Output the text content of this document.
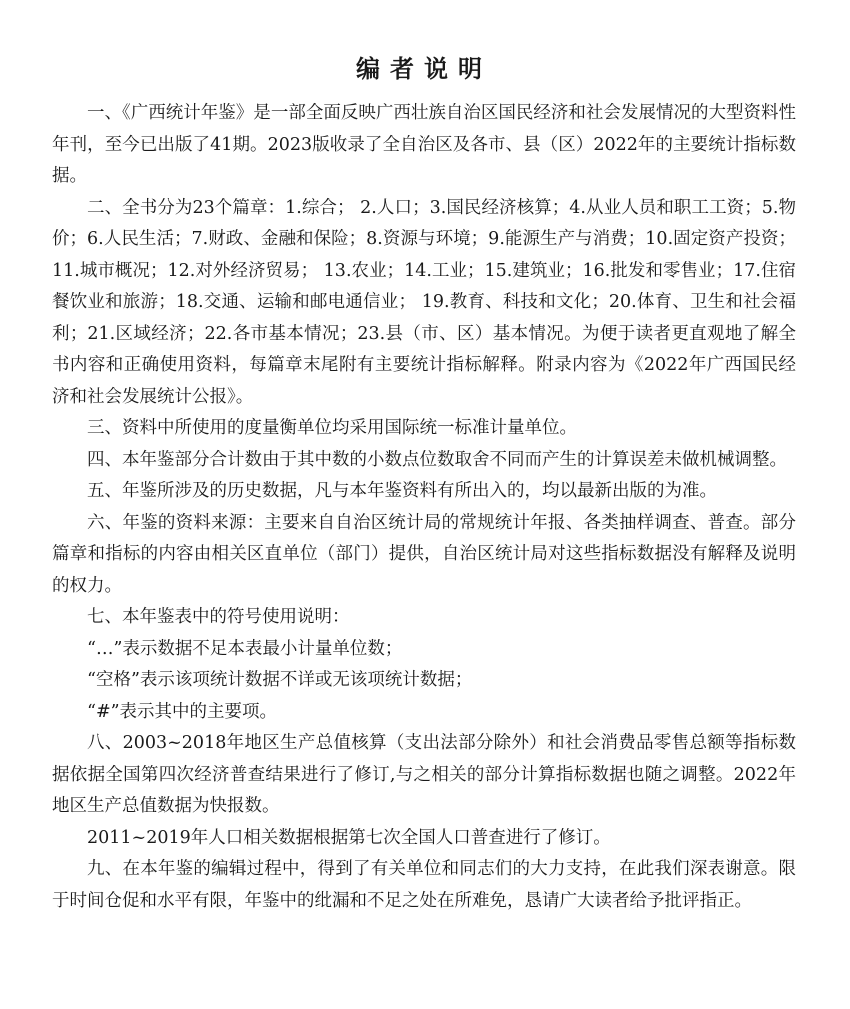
编者说明

一、《广西统计年鉴》是一部全面反映广西壮族自治区国民经济和社会发展情况的大型资料性年刊，至今已出版了41期。2023版收录了全自治区及各市、县（区）2022年的主要统计指标数据。

二、全书分为23个篇章：1.综合； 2.人口；3.国民经济核算；4.从业人员和职工工资；5.物价；6.人民生活；7.财政、金融和保险；8.资源与环境；9.能源生产与消费；10.固定资产投资；11.城市概况；12.对外经济贸易； 13.农业；14.工业；15.建筑业；16.批发和零售业；17.住宿餐饮业和旅游；18.交通、运输和邮电通信业； 19.教育、科技和文化；20.体育、卫生和社会福利；21.区域经济；22.各市基本情况；23.县（市、区）基本情况。为便于读者更直观地了解全书内容和正确使用资料，每篇章末尾附有主要统计指标解释。附录内容为《2022年广西国民经济和社会发展统计公报》。

三、资料中所使用的度量衡单位均采用国际统一标准计量单位。

四、本年鉴部分合计数由于其中数的小数点位数取舍不同而产生的计算误差未做机械调整。

五、年鉴所涉及的历史数据，凡与本年鉴资料有所出入的，均以最新出版的为准。

六、年鉴的资料来源：主要来自自治区统计局的常规统计年报、各类抽样调查、普查。部分篇章和指标的内容由相关区直单位（部门）提供，自治区统计局对这些指标数据没有解释及说明的权力。

七、本年鉴表中的符号使用说明：

“…”表示数据不足本表最小计量单位数；

“空格”表示该项统计数据不详或无该项统计数据；

“#”表示其中的主要项。

八、2003~2018年地区生产总值核算（支出法部分除外）和社会消费品零售总额等指标数据依据全国第四次经济普查结果进行了修订,与之相关的部分计算指标数据也随之调整。2022年地区生产总值数据为快报数。

2011~2019年人口相关数据根据第七次全国人口普查进行了修订。

九、在本年鉴的编辑过程中，得到了有关单位和同志们的大力支持，在此我们深表谢意。限于时间仓促和水平有限，年鉴中的纰漏和不足之处在所难免，恳请广大读者给予批评指正。
